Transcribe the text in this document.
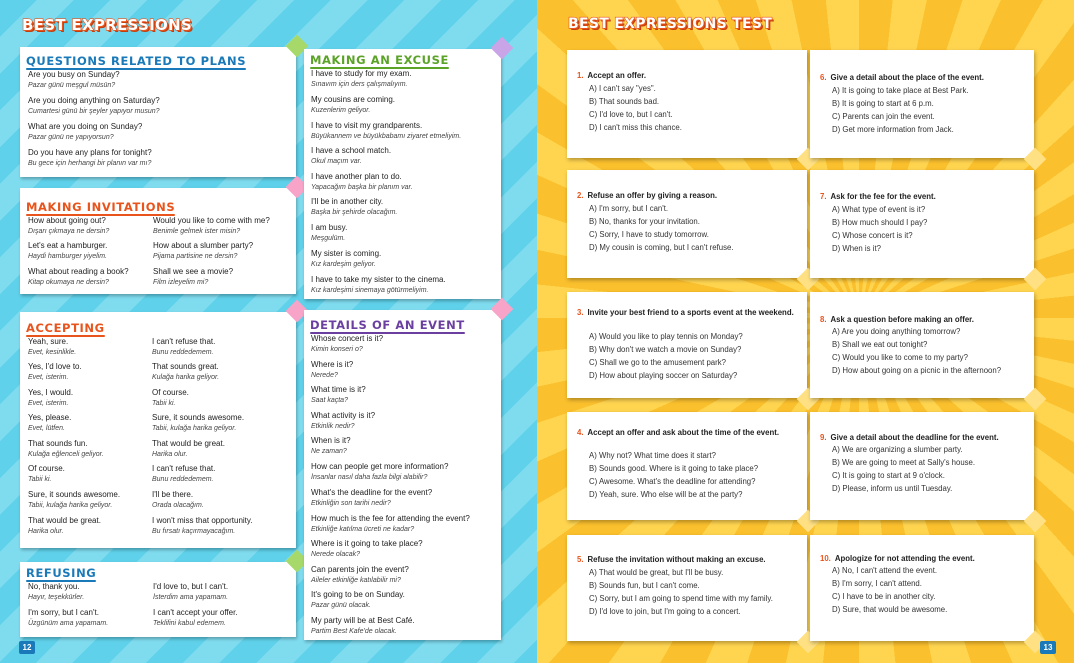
BEST EXPRESSIONS
QUESTIONS RELATED TO PLANS
Are you busy on Sunday?
Pazar günü meşgul müsün?
Are you doing anything on Saturday?
Cumartesi günü bir şeyler yapıyor musun?
What are you doing on Sunday?
Pazar günü ne yapıyorsun?
Do you have any plans for tonight?
Bu gece için herhangi bir planın var mı?
MAKING INVITATIONS
How about going out?
Dışarı çıkmaya ne dersin?
Would you like to come with me?
Benimle gelmek ister misin?
Let's eat a hamburger.
Haydi hamburger yiyelim.
How about a slumber party?
Pijama partisine ne dersin?
What about reading a book?
Kitap okumaya ne dersin?
Shall we see a movie?
Film izleyelim mi?
ACCEPTING
Yeah, sure.
Evet, kesinlikle.
I can't refuse that.
Bunu reddedemem.
Yes, I'd love to.
Evet, isterim.
That sounds great.
Kulağa harika geliyor.
Yes, I would.
Evet, isterim.
Of course.
Tabii ki.
Yes, please.
Evet, lütfen.
Sure, it sounds awesome.
Tabii, kulağa harika geliyor.
That sounds fun.
Kulağa eğlenceli geliyor.
That would be great.
Harika olur.
Of course.
Tabii ki.
I can't refuse that.
Bunu reddedemem.
Sure, it sounds awesome.
Tabii, kulağa harika geliyor.
I'll be there.
Orada olacağım.
That would be great.
Harika olur.
I won't miss that opportunity.
Bu fırsatı kaçırmayacağım.
REFUSING
No, thank you.
Hayır, teşekkürler.
I'd love to, but I can't.
İsterdim ama yapamam.
I'm sorry, but I can't.
Üzgünüm ama yapamam.
I can't accept your offer.
Teklifini kabul edemem.
MAKING AN EXCUSE
I have to study for my exam.
Sınavım için ders çalışmalıyım.
My cousins are coming.
Kuzenlerim geliyor.
I have to visit my grandparents.
Büyükannem ve büyükbabamı ziyaret etmeliyim.
I have a school match.
Okul maçım var.
I have another plan to do.
Yapacağım başka bir planım var.
I'll be in another city.
Başka bir şehirde olacağım.
I am busy.
Meşgulüm.
My sister is coming.
Kız kardeşim geliyor.
I have to take my sister to the cinema.
Kız kardeşimi sinemaya götürmeliyim.
DETAILS OF AN EVENT
Whose concert is it?
Kimin konseri o?
Where is it?
Nerede?
What time is it?
Saat kaçta?
What activity is it?
Etkinlik nedir?
When is it?
Ne zaman?
How can people get more information?
İnsanlar nasıl daha fazla bilgi alabilir?
What's the deadline for the event?
Etkinliğin son tarihi nedir?
How much is the fee for attending the event?
Etkinliğe katılma ücreti ne kadar?
Where is it going to take place?
Nerede olacak?
Can parents join the event?
Aileler etkinliğe katılabilir mi?
It's going to be on Sunday.
Pazar günü olacak.
My party will be at Best Café.
Partim Best Kafe'de olacak.
12
BEST EXPRESSIONS TEST
1. Accept an offer.
A) I can't say "yes".
B) That sounds bad.
C) I'd love to, but I can't.
D) I can't miss this chance.
2. Refuse an offer by giving a reason.
A) I'm sorry, but I can't.
B) No, thanks for your invitation.
C) Sorry, I have to study tomorrow.
D) My cousin is coming, but I can't refuse.
3. Invite your best friend to a sports event at the weekend.
A) Would you like to play tennis on Monday?
B) Why don't we watch a movie on Sunday?
C) Shall we go to the amusement park?
D) How about playing soccer on Saturday?
4. Accept an offer and ask about the time of the event.
A) Why not? What time does it start?
B) Sounds good. Where is it going to take place?
C) Awesome. What's the deadline for attending?
D) Yeah, sure. Who else will be at the party?
5. Refuse the invitation without making an excuse.
A) That would be great, but I'll be busy.
B) Sounds fun, but I can't come.
C) Sorry, but I am going to spend time with my family.
D) I'd love to join, but I'm going to a concert.
6. Give a detail about the place of the event.
A) It is going to take place at Best Park.
B) It is going to start at 6 p.m.
C) Parents can join the event.
D) Get more information from Jack.
7. Ask for the fee for the event.
A) What type of event is it?
B) How much should I pay?
C) Whose concert is it?
D) When is it?
8. Ask a question before making an offer.
A) Are you doing anything tomorrow?
B) Shall we eat out tonight?
C) Would you like to come to my party?
D) How about going on a picnic in the afternoon?
9. Give a detail about the deadline for the event.
A) We are organizing a slumber party.
B) We are going to meet at Sally's house.
C) It is going to start at 9 o'clock.
D) Please, inform us until Tuesday.
10. Apologize for not attending the event.
A) No, I can't attend the event.
B) I'm sorry, I can't attend.
C) I have to be in another city.
D) Sure, that would be awesome.
13
